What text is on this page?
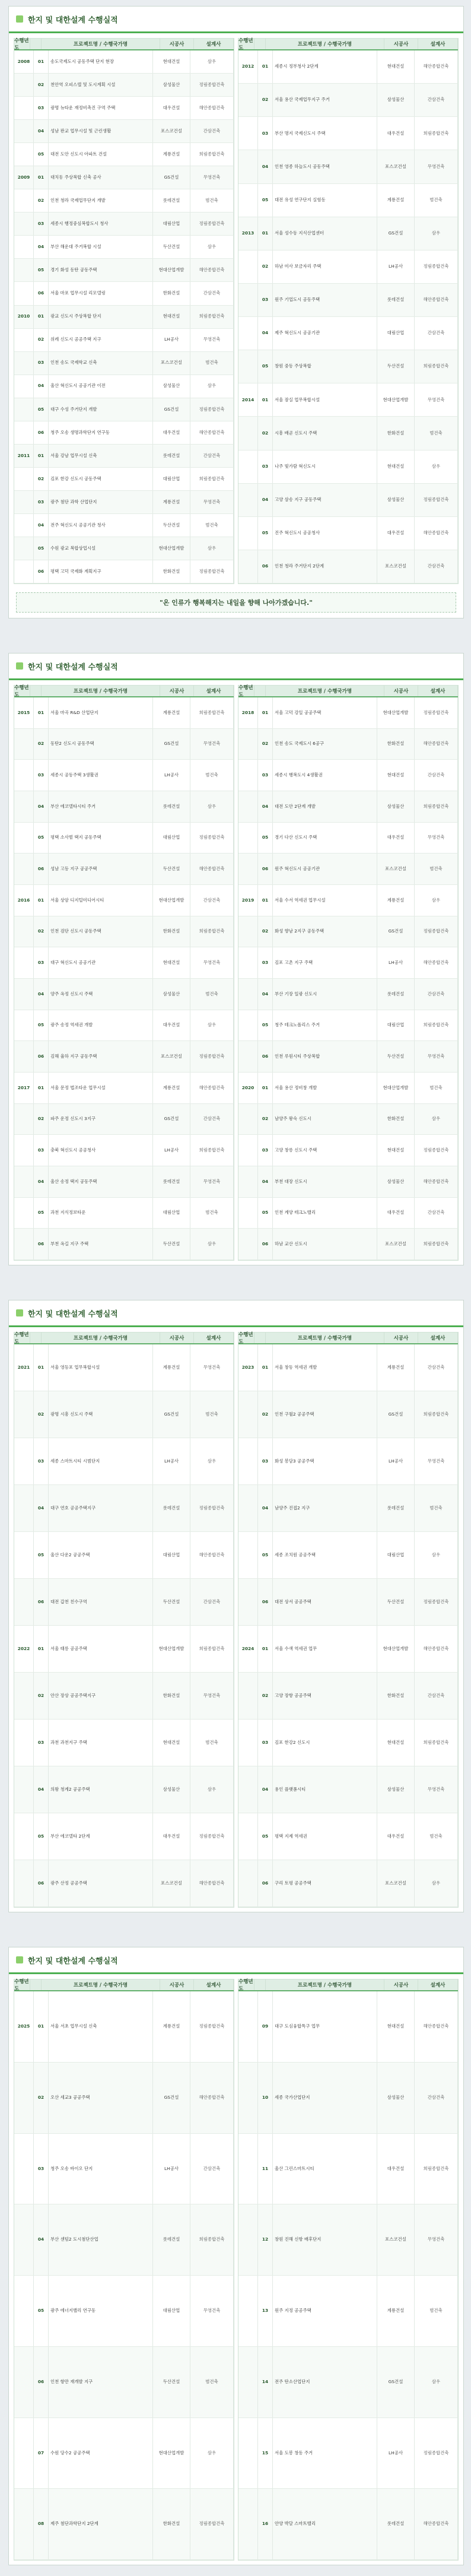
한지 및 대한설계 수행실적
수행년도
프로젝트명 / 수행국가명	시공사	설계사
2008	01	송도국제도시 공동주택 단지 현장	현대건설	삼우
02	천안역 오피스텔 및 도시계획 시설	삼성물산	정림종합건축
03	광명 뉴타운 재정비촉진 구역 주택	대우건설	해안종합건축
04	성남 판교 업무시설 및 근린생활	포스코건설	간삼건축
05	대전 도안 신도시 아파트 건설	계룡건설	희림종합건축
2009	01	대치동 주상복합 신축 공사	GS건설	무영건축
02	인천 청라 국제업무단지 개발	롯데건설	범건축
03	세종시 행정중심복합도시 청사	대림산업	정림종합건축
04	부산 해운대 주거복합 시설	두산건설	삼우
05	경기 화성 동탄 공동주택	현대산업개발	해안종합건축
06	서울 마포 업무시설 리모델링	한화건설	간삼건축
2010	01	광교 신도시 주상복합 단지	현대건설	희림종합건축
02	위례 신도시 공공주택 지구	LH공사	무영건축
03	인천 송도 국제학교 신축	포스코건설	범건축
04	울산 혁신도시 공공기관 이전	삼성물산	삼우
05	대구 수성 주거단지 개발	GS건설	정림종합건축
06	청주 오송 생명과학단지 연구동	대우건설	해안종합건축
2011	01	서울 강남 업무시설 신축	롯데건설	간삼건축
02	김포 한강 신도시 공동주택	대림산업	희림종합건축
03	광주 첨단 과학 산업단지	계룡건설	무영건축
04	전주 혁신도시 공공기관 청사	두산건설	범건축
05	수원 광교 복합상업시설	현대산업개발	삼우
06	평택 고덕 국제화 계획지구	한화건설	정림종합건축
수행년도
프로젝트명 / 수행국가명	시공사	설계사
2012	01	세종시 정부청사 2단계	현대건설	해안종합건축
02	서울 용산 국제업무지구 주거	삼성물산	간삼건축
03	부산 명지 국제신도시 주택	대우건설	희림종합건축
04	인천 영종 하늘도시 공동주택	포스코건설	무영건축
05	대전 유성 연구단지 실험동	계룡건설	범건축
2013	01	서울 성수동 지식산업센터	GS건설	삼우
02	하남 미사 보금자리 주택	LH공사	정림종합건축
03	원주 기업도시 공동주택	롯데건설	해안종합건축
04	제주 혁신도시 공공기관	대림산업	간삼건축
05	창원 중동 주상복합	두산건설	희림종합건축
2014	01	서울 잠실 업무복합시설	현대산업개발	무영건축
02	시흥 배곧 신도시 주택	한화건설	범건축
03	나주 빛가람 혁신도시	현대건설	삼우
04	고양 삼송 지구 공동주택	삼성물산	정림종합건축
05	진주 혁신도시 공공청사	대우건설	해안종합건축
06	인천 청라 주거단지 2단계	포스코건설	간삼건축
"온 인류가 행복해지는 내일을 향해 나아가겠습니다."
한지 및 대한설계 수행실적
수행년도
프로젝트명 / 수행국가명	시공사	설계사
2015	01	서울 마곡 R&D 산업단지	계룡건설	희림종합건축
02	동탄2 신도시 공동주택	GS건설	무영건축
03	세종시 공동주택 3생활권	LH공사	범건축
04	부산 에코델타시티 주거	롯데건설	삼우
05	평택 소사벌 택지 공동주택	대림산업	정림종합건축
06	성남 고등 지구 공공주택	두산건설	해안종합건축
2016	01	서울 상암 디지털미디어시티	현대산업개발	간삼건축
02	인천 검단 신도시 공동주택	한화건설	희림종합건축
03	대구 혁신도시 공공기관	현대건설	무영건축
04	양주 옥정 신도시 주택	삼성물산	범건축
05	광주 송정 역세권 개발	대우건설	삼우
06	김해 율하 지구 공동주택	포스코건설	정림종합건축
2017	01	서울 문정 법조타운 업무시설	계룡건설	해안종합건축
02	파주 운정 신도시 3지구	GS건설	간삼건축
03	충북 혁신도시 공공청사	LH공사	희림종합건축
04	울산 송정 택지 공동주택	롯데건설	무영건축
05	과천 지식정보타운	대림산업	범건축
06	부천 옥길 지구 주택	두산건설	삼우
수행년도
프로젝트명 / 수행국가명	시공사	설계사
2018	01	서울 고덕 강일 공공주택	현대산업개발	정림종합건축
02	인천 송도 국제도시 6공구	한화건설	해안종합건축
03	세종시 행복도시 4생활권	현대건설	간삼건축
04	대전 도안 2단계 개발	삼성물산	희림종합건축
05	경기 다산 신도시 주택	대우건설	무영건축
06	원주 혁신도시 공공기관	포스코건설	범건축
2019	01	서울 수서 역세권 업무시설	계룡건설	삼우
02	화성 향남 2지구 공동주택	GS건설	정림종합건축
03	김포 고촌 지구 주택	LH공사	해안종합건축
04	부산 기장 일광 신도시	롯데건설	간삼건축
05	청주 테크노폴리스 주거	대림산업	희림종합건축
06	인천 루원시티 주상복합	두산건설	무영건축
2020	01	서울 용산 정비창 개발	현대산업개발	범건축
02	남양주 왕숙 신도시	한화건설	삼우
03	고양 창릉 신도시 주택	현대건설	정림종합건축
04	부천 대장 신도시	삼성물산	해안종합건축
05	인천 계양 테크노밸리	대우건설	간삼건축
06	하남 교산 신도시	포스코건설	희림종합건축
한지 및 대한설계 수행실적
수행년도
프로젝트명 / 수행국가명	시공사	설계사
2021	01	서울 영등포 업무복합시설	계룡건설	무영건축
02	광명 시흥 신도시 주택	GS건설	범건축
03	세종 스마트시티 시범단지	LH공사	삼우
04	대구 연호 공공주택지구	롯데건설	정림종합건축
05	울산 다운2 공공주택	대림산업	해안종합건축
06	대전 갑천 친수구역	두산건설	간삼건축
2022	01	서울 태릉 공공주택	현대산업개발	희림종합건축
02	안산 장상 공공주택지구	한화건설	무영건축
03	과천 과천지구 주택	현대건설	범건축
04	의왕 청계2 공공주택	삼성물산	삼우
05	부산 에코델타 2단계	대우건설	정림종합건축
06	광주 산정 공공주택	포스코건설	해안종합건축
수행년도
프로젝트명 / 수행국가명	시공사	설계사
2023	01	서울 창동 역세권 개발	계룡건설	간삼건축
02	인천 구월2 공공주택	GS건설	희림종합건축
03	화성 봉담3 공공주택	LH공사	무영건축
04	남양주 진접2 지구	롯데건설	범건축
05	세종 조치원 공공주택	대림산업	삼우
06	대전 상서 공공주택	두산건설	정림종합건축
2024	01	서울 수색 역세권 업무	현대산업개발	해안종합건축
02	고양 장항 공공주택	한화건설	간삼건축
03	김포 한강2 신도시	현대건설	희림종합건축
04	용인 플랫폼시티	삼성물산	무영건축
05	평택 지제 역세권	대우건설	범건축
06	구리 토평 공공주택	포스코건설	삼우
한지 및 대한설계 수행실적
수행년도
프로젝트명 / 수행국가명	시공사	설계사
2025	01	서울 서초 업무시설 신축	계룡건설	정림종합건축
02	오산 세교3 공공주택	GS건설	해안종합건축
03	청주 오송 바이오 단지	LH공사	간삼건축
04	부산 센텀2 도시첨단산업	롯데건설	희림종합건축
05	광주 에너지밸리 연구동	대림산업	무영건축
06	인천 항만 재개발 지구	두산건설	범건축
07	수원 당수2 공공주택	현대산업개발	삼우
08	제주 첨단과학단지 2단계	한화건설	정림종합건축
수행년도
프로젝트명 / 수행국가명	시공사	설계사
09	대구 도심융합특구 업무	현대건설	해안종합건축
10	세종 국가산업단지	삼성물산	간삼건축
11	울산 그린스마트시티	대우건설	희림종합건축
12	창원 진해 신항 배후단지	포스코건설	무영건축
13	원주 지정 공공주택	계룡건설	범건축
14	전주 탄소산업단지	GS건설	삼우
15	서울 도봉 창동 주거	LH공사	정림종합건축
16	안양 박달 스마트밸리	롯데건설	해안종합건축
